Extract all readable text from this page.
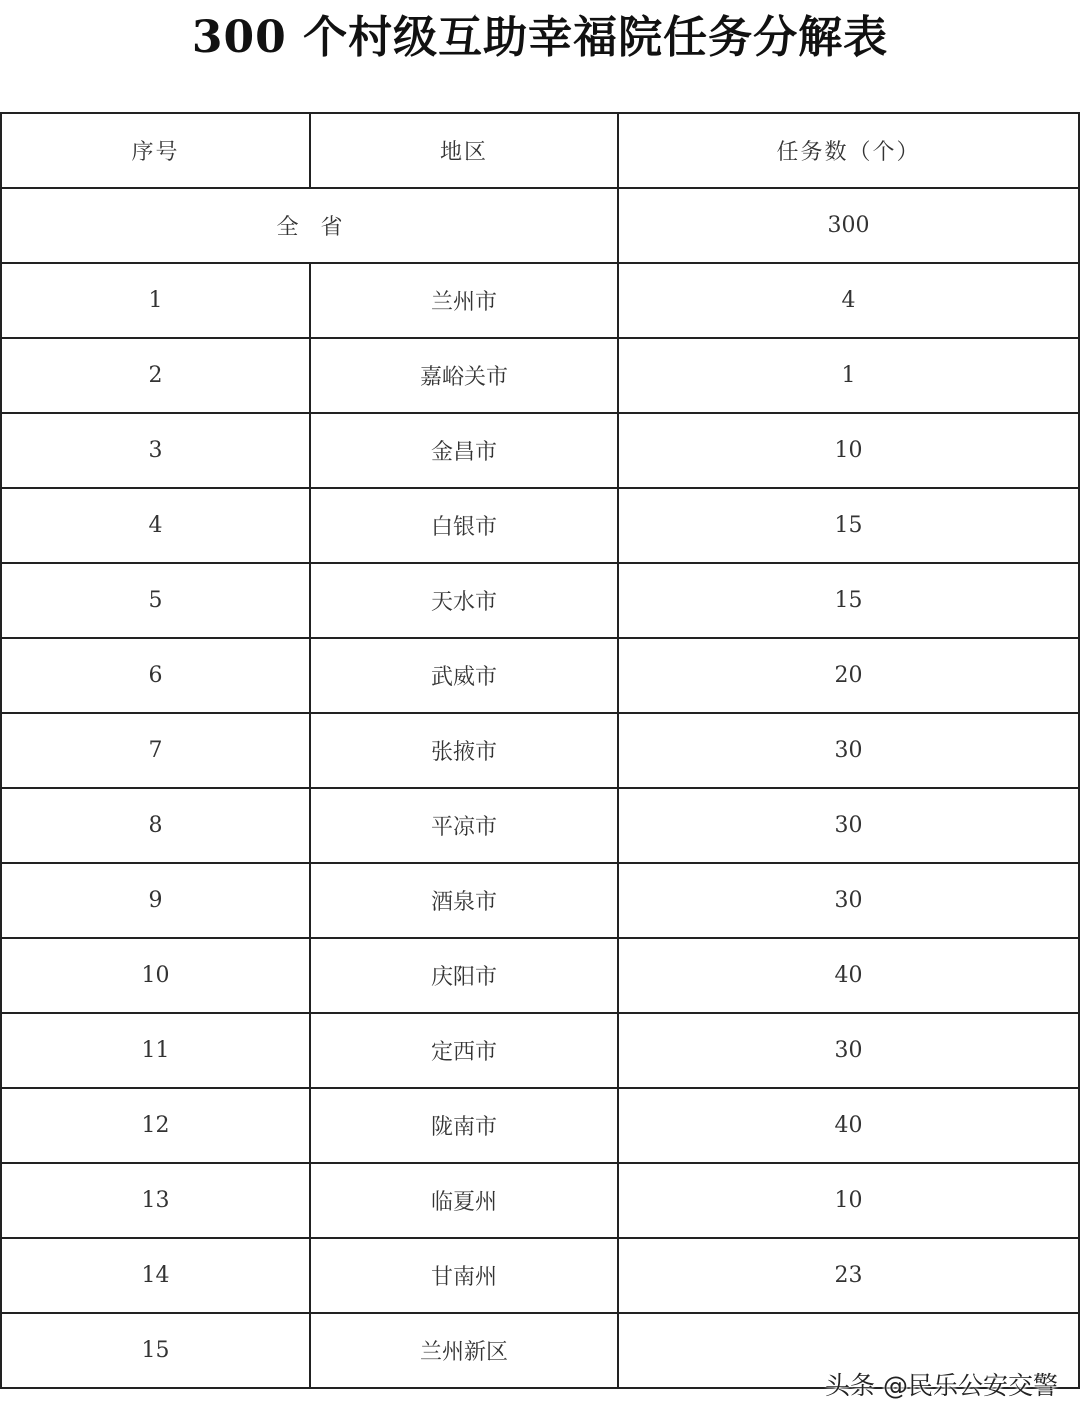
300 个村级互助幸福院任务分解表
序号	地区	任务数（个）
全　省		300
1	兰州市	4
2	嘉峪关市	1
3	金昌市	10
4	白银市	15
5	天水市	15
6	武威市	20
7	张掖市	30
8	平凉市	30
9	酒泉市	30
10	庆阳市	40
11	定西市	30
12	陇南市	40
13	临夏州	10
14	甘南州	23
15	兰州新区	
头条 @民乐公安交警
